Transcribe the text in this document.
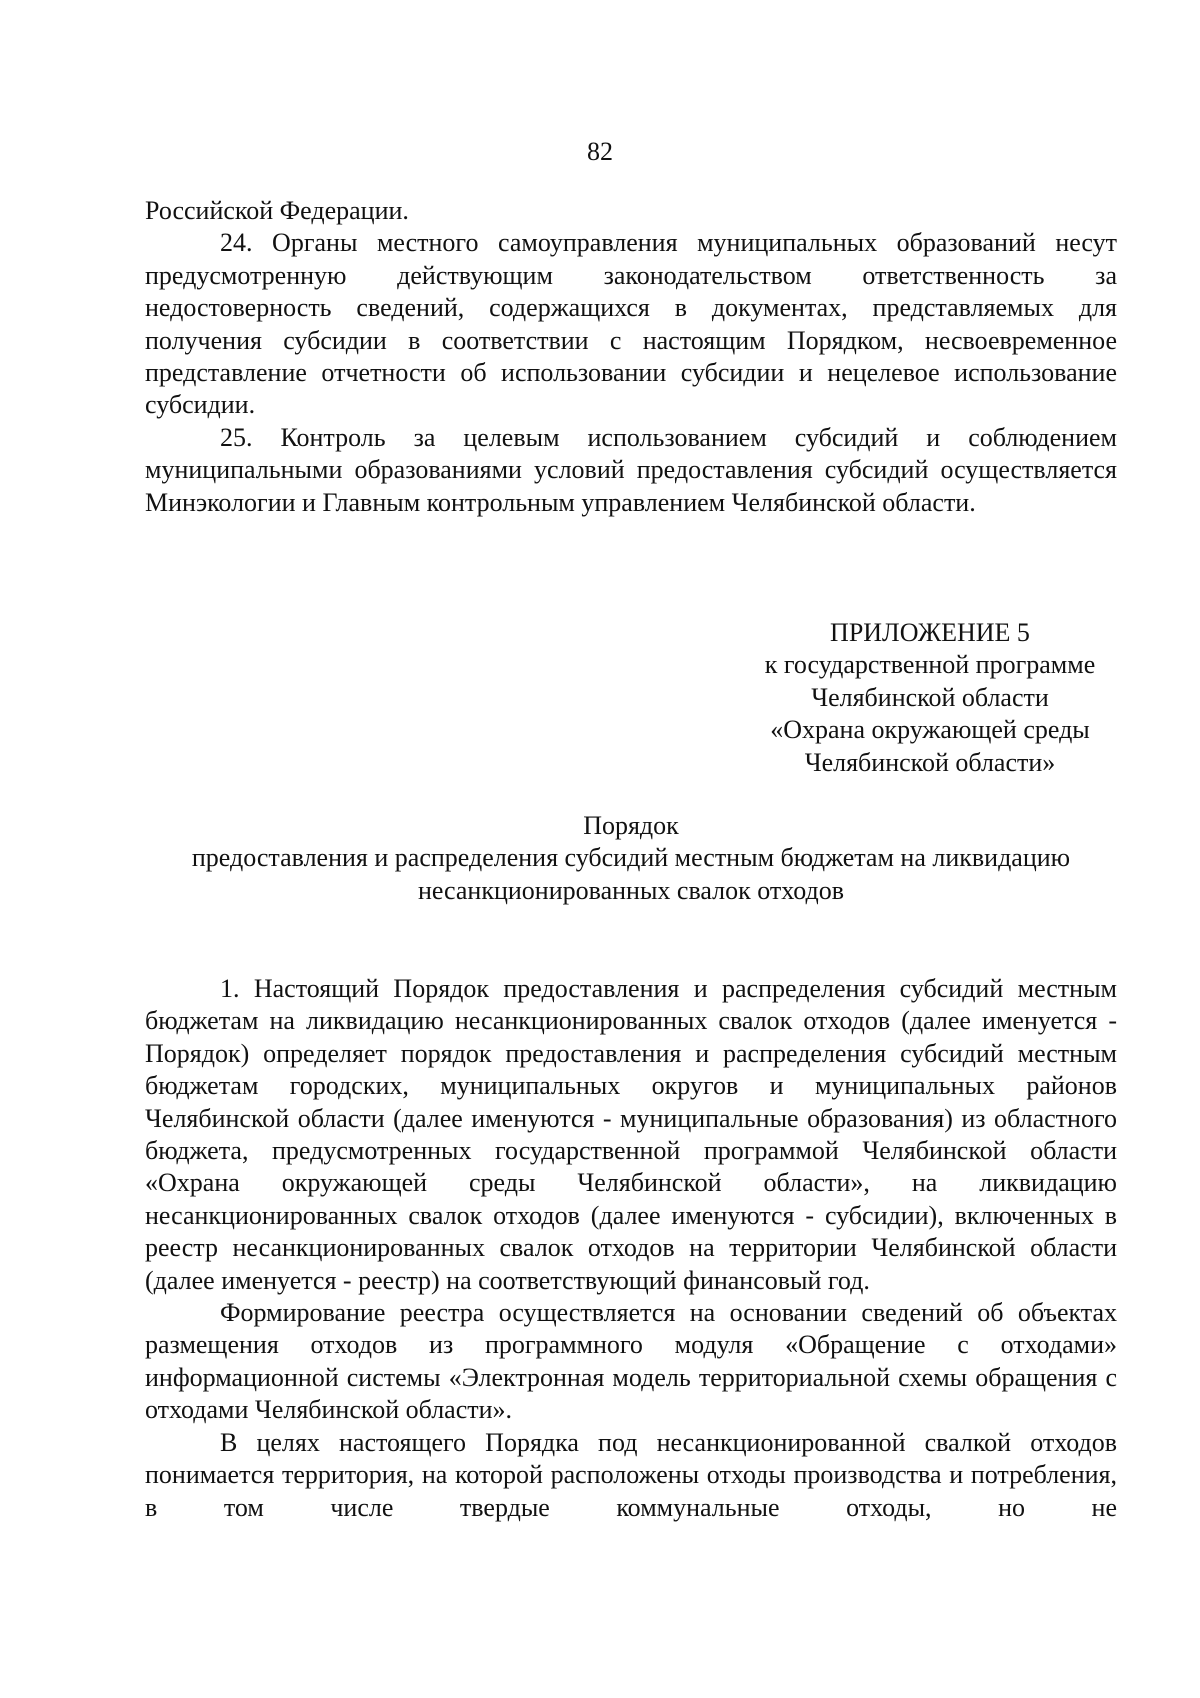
82

Российской Федерации.

24. Органы местного самоуправления муниципальных образований несут предусмотренную действующим законодательством ответственность за недостоверность сведений, содержащихся в документах, представляемых для получения субсидии в соответствии с настоящим Порядком, несвоевременное представление отчетности об использовании субсидии и нецелевое использование субсидии.

25. Контроль за целевым использованием субсидий и соблюдением муниципальными образованиями условий предоставления субсидий осуществляется Минэкологии и Главным контрольным управлением Челябинской области.

ПРИЛОЖЕНИЕ 5
к государственной программе
Челябинской области
«Охрана окружающей среды
Челябинской области»
Порядок
предоставления и распределения субсидий местным бюджетам на ликвидацию
несанкционированных свалок отходов

1. Настоящий Порядок предоставления и распределения субсидий местным бюджетам на ликвидацию несанкционированных свалок отходов (далее именуется - Порядок) определяет порядок предоставления и распределения субсидий местным бюджетам городских, муниципальных округов и муниципальных районов Челябинской области (далее именуются - муниципальные образования) из областного бюджета, предусмотренных государственной программой Челябинской области «Охрана окружающей среды Челябинской области», на ликвидацию несанкционированных свалок отходов (далее именуются - субсидии), включенных в реестр несанкционированных свалок отходов на территории Челябинской области (далее именуется - реестр) на соответствующий финансовый год.

Формирование реестра осуществляется на основании сведений об объектах размещения отходов из программного модуля «Обращение с отходами» информационной системы «Электронная модель территориальной схемы обращения с отходами Челябинской области».

В целях настоящего Порядка под несанкционированной свалкой отходов понимается территория, на которой расположены отходы производства и потребления, в том числе твердые коммунальные отходы, но не
